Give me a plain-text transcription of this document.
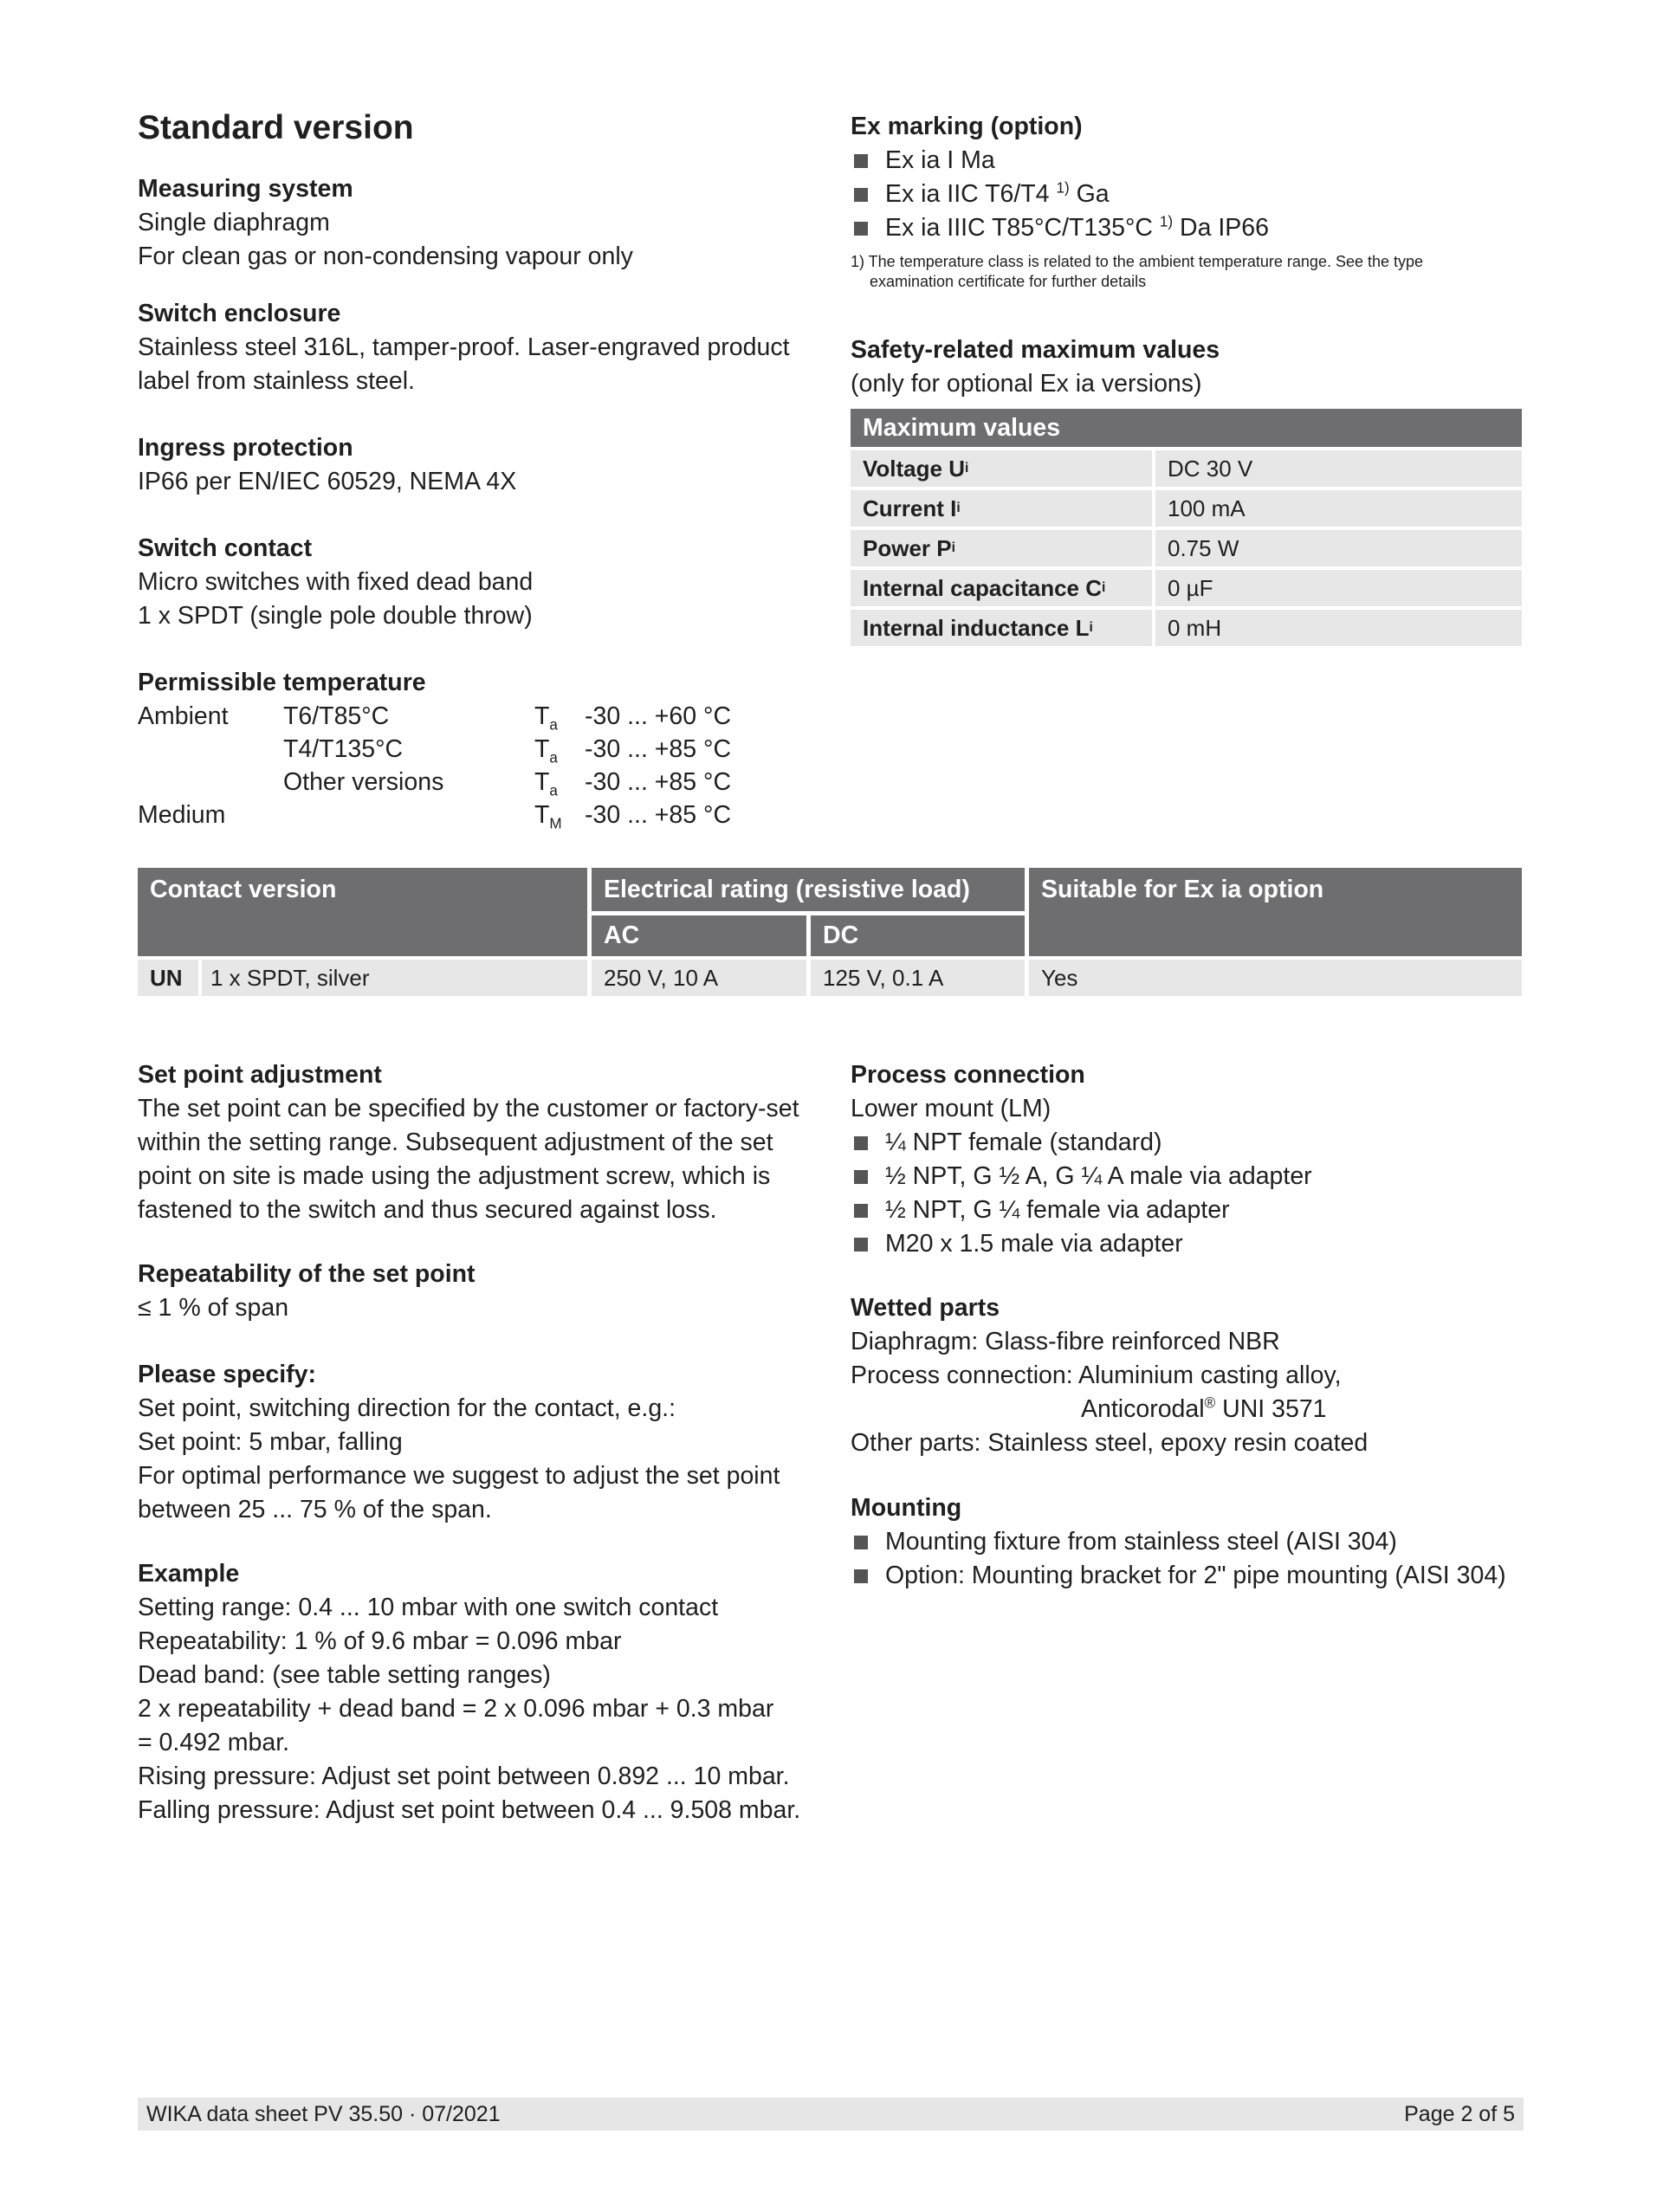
Standard version
Measuring system
Single diaphragm
For clean gas or non-condensing vapour only
Switch enclosure
Stainless steel 316L, tamper-proof. Laser-engraved product
label from stainless steel.
Ingress protection
IP66 per EN/IEC 60529, NEMA 4X
Switch contact
Micro switches with fixed dead band
1 x SPDT (single pole double throw)
Permissible temperature
Ambient	T6/T85°C	$T_a$	-30 ... +60 °C
T4/T135°C	$T_a$	-30 ... +85 °C
Other versions	$T_a$	-30 ... +85 °C
Medium	$T_M$ -30 ... +85 °C
Ex marking (option)
Ex ia I Ma
Ex ia IIC T6/T4 $^{1)}$ Ga
Ex ia IIIC T85°C/T135°C $^{1)}$ Da IP66
1) The temperature class is related to the ambient temperature range. See the type
examination certificate for further details
Safety-related maximum values
(only for optional Ex ia versions)
Maximum values
Voltage U i	DC 30 V
Current I i	100 mA
Power P i	0.75 W
Internal capacitance C i	0 µF
Internal inductance L i	0 mH
Contact version	Electrical rating (resistive load)	Suitable for Ex ia option
AC	DC
UN	1 x SPDT, silver	250 V, 10 A	125 V, 0.1 A	Yes
Set point adjustment
The set point can be specified by the customer or factory-set
within the setting range. Subsequent adjustment of the set
point on site is made using the adjustment screw, which is
fastened to the switch and thus secured against loss.
Repeatability of the set point
≤ 1 % of span
Please specify:
Set point, switching direction for the contact, e.g.:
Set point: 5 mbar, falling
For optimal performance we suggest to adjust the set point
between 25 ... 75 % of the span.
Example
Setting range: 0.4 ... 10 mbar with one switch contact
Repeatability: 1 % of 9.6 mbar = 0.096 mbar
Dead band: (see table setting ranges)
2 x repeatability + dead band = 2 x 0.096 mbar + 0.3 mbar
= 0.492 mbar.
Rising pressure: Adjust set point between 0.892 ... 10 mbar.
Falling pressure: Adjust set point between 0.4 ... 9.508 mbar.
Process connection
Lower mount (LM)
¼ NPT female (standard)
½ NPT, G ½ A, G ¼ A male via adapter
½ NPT, G ¼ female via adapter
M20 x 1.5 male via adapter
Wetted parts
Diaphragm: Glass-fibre reinforced NBR
Process connection: Aluminium casting alloy,
Anticorodal® UNI 3571
Other parts: Stainless steel, epoxy resin coated
Mounting
Mounting fixture from stainless steel (AISI 304)
Option: Mounting bracket for 2" pipe mounting (AISI 304)
WIKA data sheet PV 35.50 · 07/2021	Page 2 of 5
